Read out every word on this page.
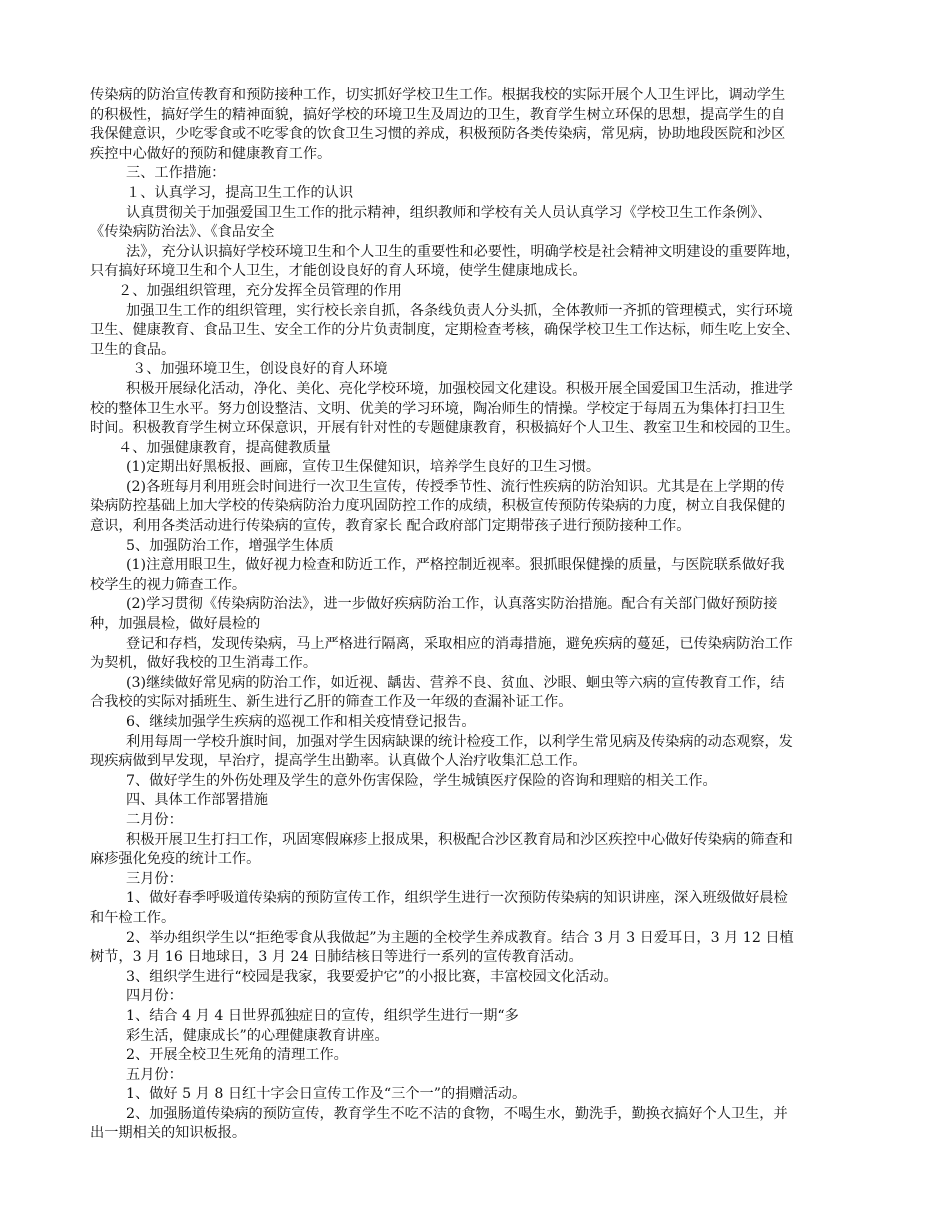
传染病的防治宣传教育和预防接种工作，切实抓好学校卫生工作。根据我校的实际开展个人卫生评比，调动学生
的积极性，搞好学生的精神面貌，搞好学校的环境卫生及周边的卫生，教育学生树立环保的思想，提高学生的自
我保健意识，少吃零食或不吃零食的饮食卫生习惯的养成，积极预防各类传染病，常见病，协助地段医院和沙区
疾控中心做好的预防和健康教育工作。
三、工作措施：
１、认真学习，提高卫生工作的认识
认真贯彻关于加强爱国卫生工作的批示精神，组织教师和学校有关人员认真学习《学校卫生工作条例》、
《传染病防治法》、《食品安全
法》，充分认识搞好学校环境卫生和个人卫生的重要性和必要性，明确学校是社会精神文明建设的重要阵地，
只有搞好环境卫生和个人卫生，才能创设良好的育人环境，使学生健康地成长。
２、加强组织管理，充分发挥全员管理的作用
加强卫生工作的组织管理，实行校长亲自抓，各条线负责人分头抓，全体教师一齐抓的管理模式，实行环境
卫生、健康教育、食品卫生、安全工作的分片负责制度，定期检查考核，确保学校卫生工作达标，师生吃上安全、
卫生的食品。
３、加强环境卫生，创设良好的育人环境
积极开展绿化活动，净化、美化、亮化学校环境，加强校园文化建设。积极开展全国爱国卫生活动，推进学
校的整体卫生水平。努力创设整洁、文明、优美的学习环境，陶冶师生的情操。学校定于每周五为集体打扫卫生
时间。积极教育学生树立环保意识，开展有针对性的专题健康教育，积极搞好个人卫生、教室卫生和校园的卫生。
４、加强健康教育，提高健教质量
(1)定期出好黑板报、画廊，宣传卫生保健知识，培养学生良好的卫生习惯。
(2)各班每月利用班会时间进行一次卫生宣传，传授季节性、流行性疾病的防治知识。尤其是在上学期的传
染病防控基础上加大学校的传染病防治力度巩固防控工作的成绩，积极宣传预防传染病的力度，树立自我保健的
意识，利用各类活动进行传染病的宣传，教育家长 配合政府部门定期带孩子进行预防接种工作。
5、加强防治工作，增强学生体质
(1)注意用眼卫生，做好视力检查和防近工作，严格控制近视率。狠抓眼保健操的质量，与医院联系做好我
校学生的视力筛查工作。
(2)学习贯彻《传染病防治法》，进一步做好疾病防治工作，认真落实防治措施。配合有关部门做好预防接
种，加强晨检，做好晨检的
登记和存档，发现传染病，马上严格进行隔离，采取相应的消毒措施，避免疾病的蔓延，已传染病防治工作
为契机，做好我校的卫生消毒工作。
(3)继续做好常见病的防治工作，如近视、龋齿、营养不良、贫血、沙眼、蛔虫等六病的宣传教育工作，结
合我校的实际对插班生、新生进行乙肝的筛查工作及一年级的查漏补证工作。
6、继续加强学生疾病的巡视工作和相关疫情登记报告。
利用每周一学校升旗时间，加强对学生因病缺课的统计检疫工作，以利学生常见病及传染病的动态观察，发
现疾病做到早发现，早治疗，提高学生出勤率。认真做个人治疗收集汇总工作。
7、做好学生的外伤处理及学生的意外伤害保险，学生城镇医疗保险的咨询和理赔的相关工作。
四、具体工作部署措施
二月份：
积极开展卫生打扫工作，巩固寒假麻疹上报成果，积极配合沙区教育局和沙区疾控中心做好传染病的筛查和
麻疹强化免疫的统计工作。
三月份：
1、做好春季呼吸道传染病的预防宣传工作，组织学生进行一次预防传染病的知识讲座，深入班级做好晨检
和午检工作。
2、举办组织学生以“拒绝零食从我做起”为主题的全校学生养成教育。结合 3 月 3 日爱耳日，3 月 12 日植
树节，3 月 16 日地球日，3 月 24 日肺结核日等进行一系列的宣传教育活动。
3、组织学生进行“校园是我家，我要爱护它”的小报比赛，丰富校园文化活动。
四月份：
1、结合 4 月 4 日世界孤独症日的宣传，组织学生进行一期“多
彩生活，健康成长”的心理健康教育讲座。
2、开展全校卫生死角的清理工作。
五月份：
1、做好 5 月 8 日红十字会日宣传工作及“三个一”的捐赠活动。
2、加强肠道传染病的预防宣传，教育学生不吃不洁的食物，不喝生水，勤洗手，勤换衣搞好个人卫生，并
出一期相关的知识板报。
